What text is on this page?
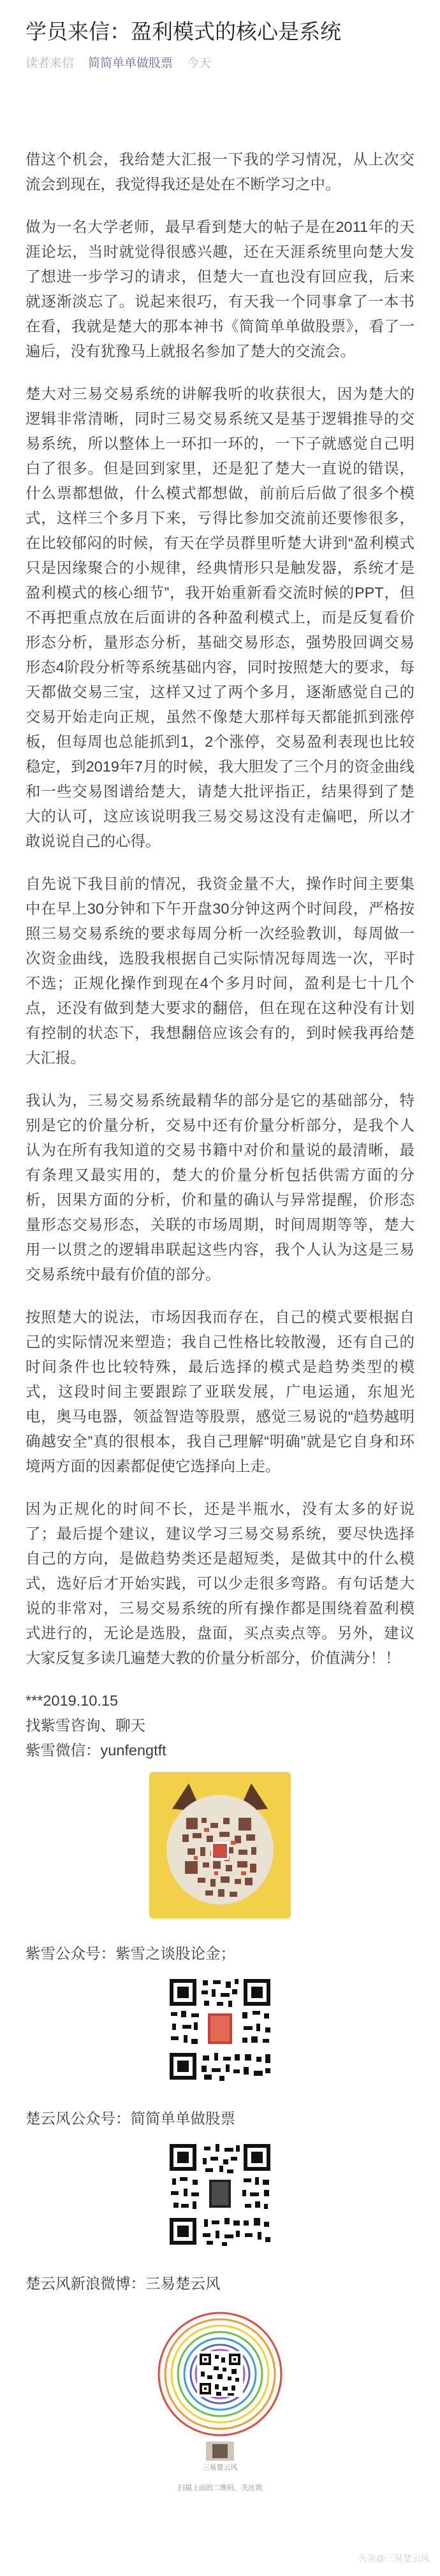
学员来信：盈利模式的核心是系统
读者来信 简简单单做股票 今天

借这个机会，我给楚大汇报一下我的学习情况，从上次交流会到现在，我觉得我还是处在不断学习之中。

做为一名大学老师，最早看到楚大的帖子是在2011年的天涯论坛，当时就觉得很感兴趣，还在天涯系统里向楚大发了想进一步学习的请求，但楚大一直也没有回应我，后来就逐渐淡忘了。说起来很巧，有天我一个同事拿了一本书在看，我就是楚大的那本神书《简简单单做股票》，看了一遍后，没有犹豫马上就报名参加了楚大的交流会。

楚大对三易交易系统的讲解我听的收获很大，因为楚大的逻辑非常清晰，同时三易交易系统又是基于逻辑推导的交易系统，所以整体上一环扣一环的，一下子就感觉自己明白了很多。但是回到家里，还是犯了楚大一直说的错误，什么票都想做，什么模式都想做，前前后后做了很多个模式，这样三个多月下来，亏得比参加交流前还要惨很多，在比较郁闷的时候，有天在学员群里听楚大讲到“盈利模式只是因缘聚合的小规律，经典情形只是触发器，系统才是盈利模式的核心细节”，我开始重新看交流时候的PPT，但不再把重点放在后面讲的各种盈利模式上，而是反复看价形态分析，量形态分析，基础交易形态，强势股回调交易形态4阶段分析等系统基础内容，同时按照楚大的要求，每天都做交易三宝，这样又过了两个多月，逐渐感觉自己的交易开始走向正规，虽然不像楚大那样每天都能抓到涨停板，但每周也总能抓到1，2个涨停，交易盈利表现也比较稳定，到2019年7月的时候，我大胆发了三个月的资金曲线和一些交易图谱给楚大，请楚大批评指正，结果得到了楚大的认可，这应该说明我三易交易这没有走偏吧，所以才敢说说自己的心得。

自先说下我目前的情况，我资金量不大，操作时间主要集中在早上30分钟和下午开盘30分钟这两个时间段，严格按照三易交易系统的要求每周分析一次经验教训，每周做一次资金曲线，选股我根据自己实际情况每周选一次，平时不选；正规化操作到现在4个多月时间，盈利是七十几个点，还没有做到楚大要求的翻倍，但在现在这种没有计划有控制的状态下，我想翻倍应该会有的，到时候我再给楚大汇报。

我认为，三易交易系统最精华的部分是它的基础部分，特别是它的价量分析，交易中还有价量分析部分，是我个人认为在所有我知道的交易书籍中对价和量说的最清晰，最有条理又最实用的，楚大的价量分析包括供需方面的分析，因果方面的分析，价和量的确认与异常提醒，价形态量形态交易形态，关联的市场周期，时间周期等等，楚大用一以贯之的逻辑串联起这些内容，我个人认为这是三易交易系统中最有价值的部分。

按照楚大的说法，市场因我而存在，自己的模式要根据自己的实际情况来塑造；我自己性格比较散漫，还有自己的时间条件也比较特殊，最后选择的模式是趋势类型的模式，这段时间主要跟踪了亚联发展，广电运通，东旭光电，奥马电器，领益智造等股票，感觉三易说的“趋势越明确越安全”真的很根本，我自己理解“明确”就是它自身和环境两方面的因素都促使它选择向上走。

因为正规化的时间不长，还是半瓶水，没有太多的好说了；最后提个建议，建议学习三易交易系统，要尽快选择自己的方向，是做趋势类还是超短类，是做其中的什么模式，选好后才开始实践，可以少走很多弯路。有句话楚大说的非常对，三易交易系统的所有操作都是围绕着盈利模式进行的，无论是选股，盘面，买点卖点等。另外，建议大家反复多读几遍楚大教的价量分析部分，价值满分！！

***2019.10.15

找紫雪咨询、聊天

紫雪微信：yunfengtft

紫雪公众号：紫雪之谈股论金；

楚云风公众号：简简单单做股票

楚云风新浪微博：三易楚云风

三易楚云风
扫描上面的二维码，关注我
头条@三易楚云风
